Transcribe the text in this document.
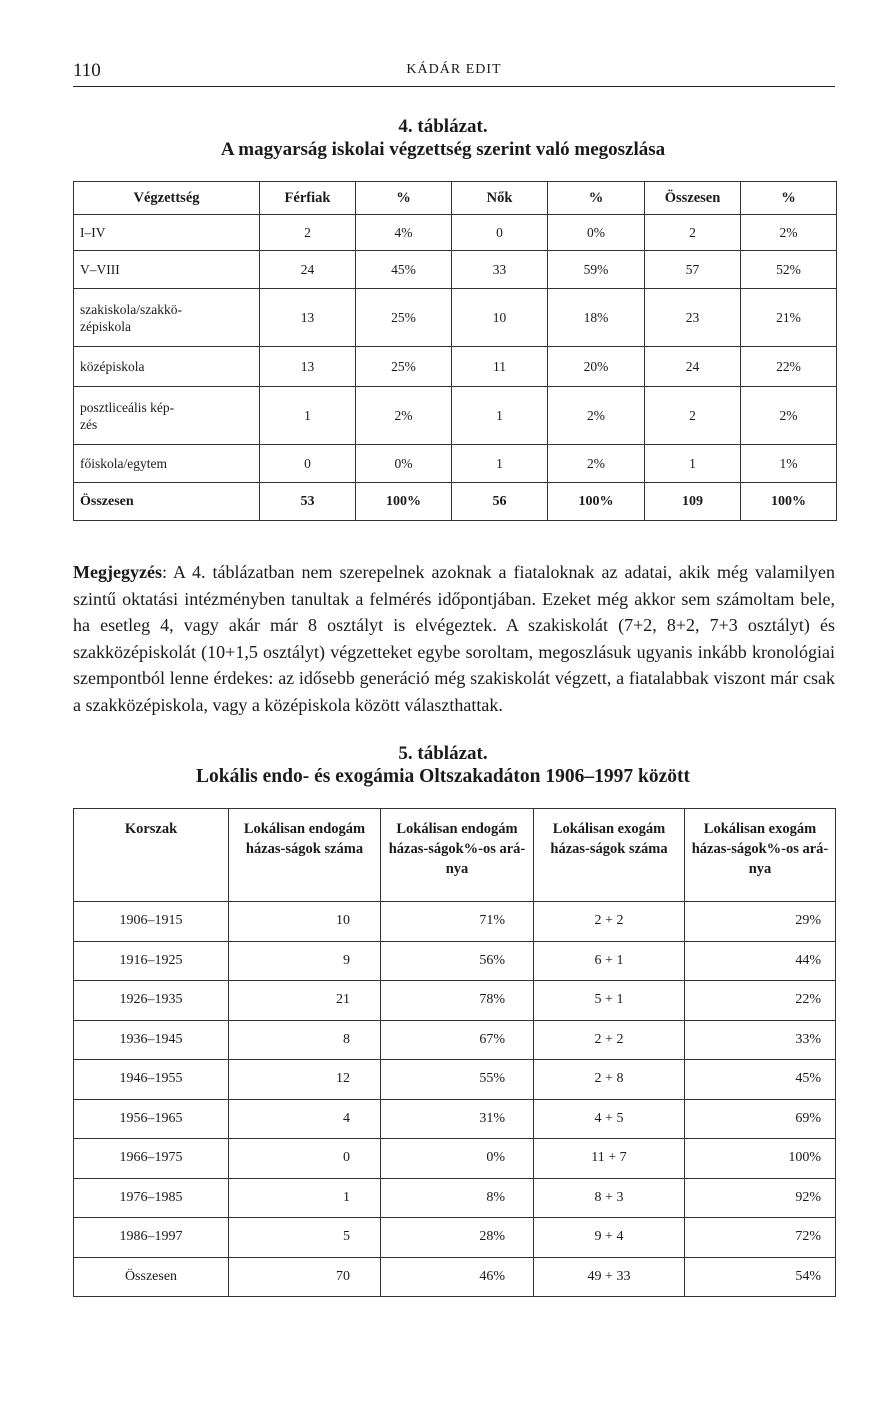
110	KÁDÁR EDIT
4. táblázat.
A magyarság iskolai végzettség szerint való megoszlása
Végzettség	Férfiak	%	Nők	%	Összesen	%
I–IV	2	4%	0	0%	2	2%
V–VIII	24	45%	33	59%	57	52%
szakiskola/szakkö-
zépiskola	13	25%	10	18%	23	21%
középiskola	13	25%	11	20%	24	22%
posztliceális kép-
zés	1	2%	1	2%	2	2%
főiskola/egytem	0	0%	1	2%	1	1%
Összesen	53	100%	56	100%	109	100%
Megjegyzés: A 4. táblázatban nem szerepelnek azoknak a fiataloknak az adatai, akik még valamilyen szintű oktatási intézményben tanultak a felmérés időpontjában. Ezeket még akkor sem számoltam bele, ha esetleg 4, vagy akár már 8 osztályt is elvégeztek. A szakiskolát (7+2, 8+2, 7+3 osztályt) és szakközépiskolát (10+1,5 osztályt) végzetteket egybe soroltam, megoszlásuk ugyanis inkább kronológiai szempontból lenne érdekes: az idősebb generáció még szakiskolát végzett, a fiatalabbak viszont már csak a szakközépiskola, vagy a középiskola között választhattak.
5. táblázat.
Lokális endo- és exogámia Oltszakadáton 1906–1997 között
Korszak	Lokálisan endogám házas-ságok száma	Lokálisan endogám házas-ságok%-os ará-nya	Lokálisan exogám házas-ságok száma	Lokálisan exogám házas-ságok%-os ará-nya
1906–1915	10	71%	2 + 2	29%
1916–1925	9	56%	6 + 1	44%
1926–1935	21	78%	5 + 1	22%
1936–1945	8	67%	2 + 2	33%
1946–1955	12	55%	2 + 8	45%
1956–1965	4	31%	4 + 5	69%
1966–1975	0	0%	11 + 7	100%
1976–1985	1	8%	8 + 3	92%
1986–1997	5	28%	9 + 4	72%
Összesen	70	46%	49 + 33	54%
